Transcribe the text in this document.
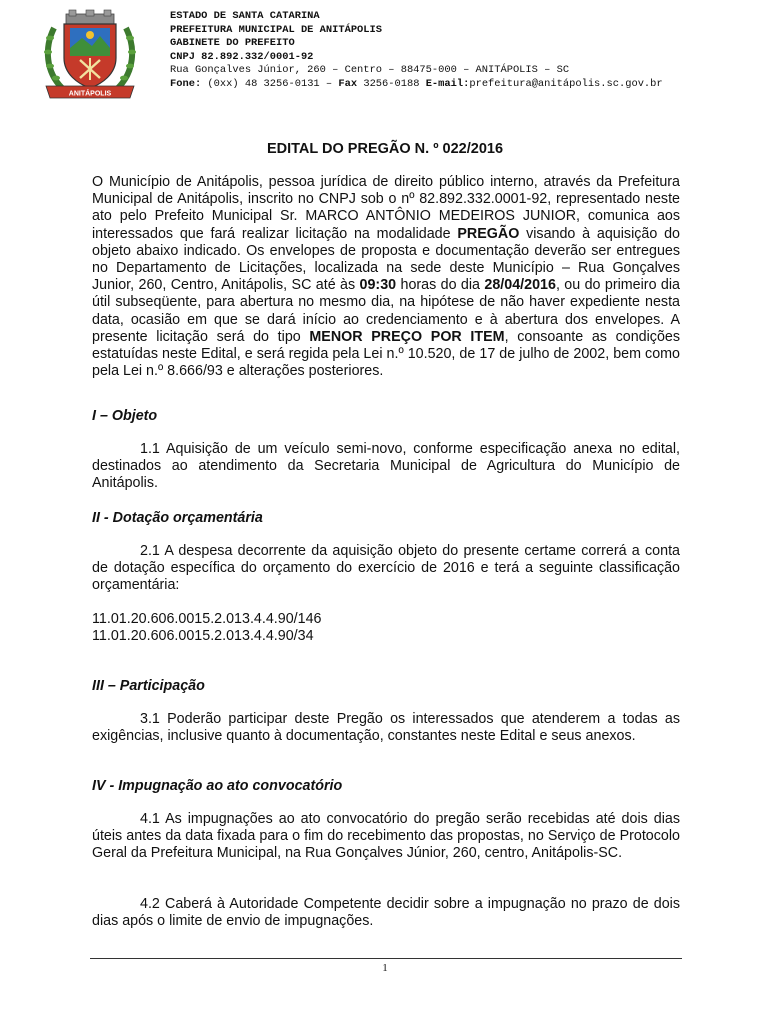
ANITÁPOLIS
ESTADO DE SANTA CATARINA
PREFEITURA MUNICIPAL DE ANITÁPOLIS
GABINETE DO PREFEITO
CNPJ 82.892.332/0001-92
Rua Gonçalves Júnior, 260 – Centro – 88475-000 – ANITÁPOLIS – SC
Fone: (0xx) 48 3256-0131 – Fax 3256-0188 E-mail:prefeitura@anitápolis.sc.gov.br
EDITAL DO PREGÃO N. º 022/2016

O Município de Anitápolis, pessoa jurídica de direito público interno, através da Prefeitura Municipal de Anitápolis, inscrito no CNPJ sob o nº 82.892.332.0001-92, representado neste ato pelo Prefeito Municipal Sr. MARCO ANTÔNIO MEDEIROS JUNIOR, comunica aos interessados que fará realizar licitação na modalidade PREGÃO visando à aquisição do objeto abaixo indicado. Os envelopes de proposta e documentação deverão ser entregues no Departamento de Licitações, localizada na sede deste Município – Rua Gonçalves Junior, 260, Centro, Anitápolis, SC até às 09:30 horas do dia 28/04/2016, ou do primeiro dia útil subseqüente, para abertura no mesmo dia, na hipótese de não haver expediente nesta data, ocasião em que se dará início ao credenciamento e à abertura dos envelopes. A presente licitação será do tipo MENOR PREÇO POR ITEM, consoante as condições estatuídas neste Edital, e será regida pela Lei n.º 10.520, de 17 de julho de 2002, bem como pela Lei n.º 8.666/93 e alterações posteriores.

I – Objeto

1.1 Aquisição de um veículo semi-novo, conforme especificação anexa no edital, destinados ao atendimento da Secretaria Municipal de Agricultura do Município de Anitápolis.

II - Dotação orçamentária

2.1 A despesa decorrente da aquisição objeto do presente certame correrá a conta de dotação específica do orçamento do exercício de 2016 e terá a seguinte classificação orçamentária:

11.01.20.606.0015.2.013.4.4.90/146

11.01.20.606.0015.2.013.4.4.90/34

III – Participação

3.1 Poderão participar deste Pregão os interessados que atenderem a todas as exigências, inclusive quanto à documentação, constantes neste Edital e seus anexos.

IV - Impugnação ao ato convocatório

4.1 As impugnações ao ato convocatório do pregão serão recebidas até dois dias úteis antes da data fixada para o fim do recebimento das propostas, no Serviço de Protocolo Geral da Prefeitura Municipal, na Rua Gonçalves Júnior, 260, centro, Anitápolis-SC.

4.2 Caberá à Autoridade Competente decidir sobre a impugnação no prazo de dois dias após o limite de envio de impugnações.

1
